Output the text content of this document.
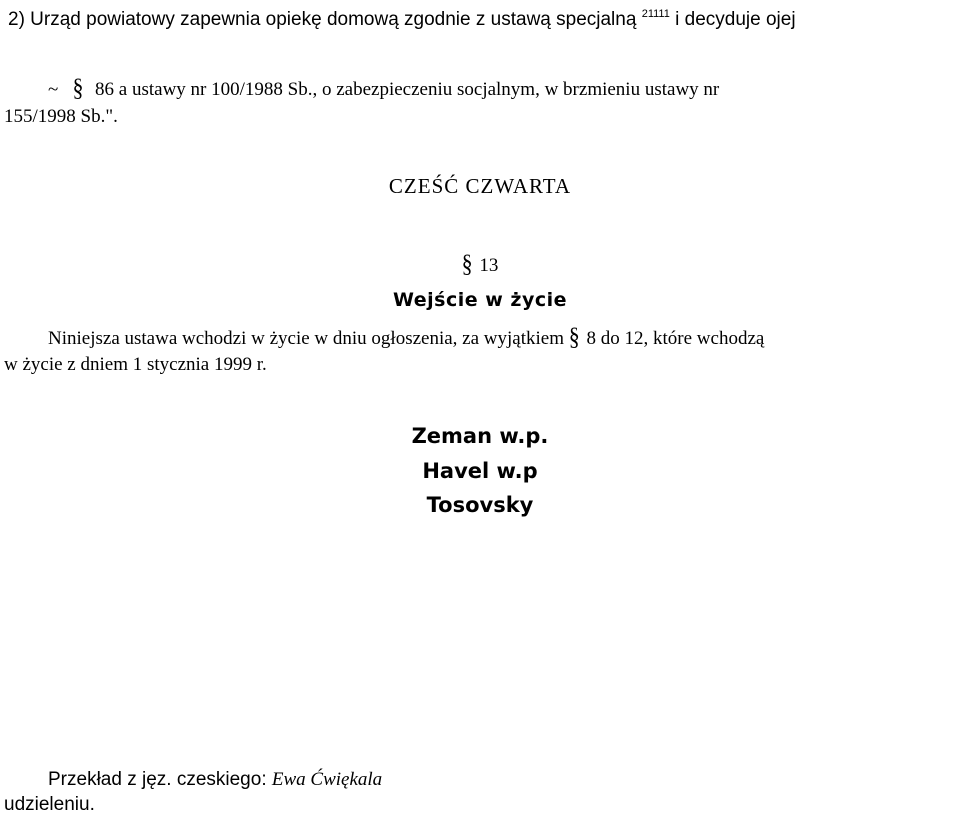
2) Urząd powiatowy zapewnia opiekę domową zgodnie z ustawą specjalną $^{21111}$ i decyduje ojej
~ § 86 a ustawy nr 100/1988 Sb., o zabezpieczeniu socjalnym, w brzmieniu ustawy nr
155/1998 Sb.".
CZEŚĆ CZWARTA
§ 13
Wejście w życie
Niniejsza ustawa wchodzi w życie w dniu ogłoszenia, za wyjątkiem § 8 do 12, które wchodzą
w życie z dniem 1 stycznia 1999 r.
Zeman w.p.
Havel w.p
Tosovsky
Przekład z jęz. czeskiego: Ewa Ćwiękala
udzieleniu.
